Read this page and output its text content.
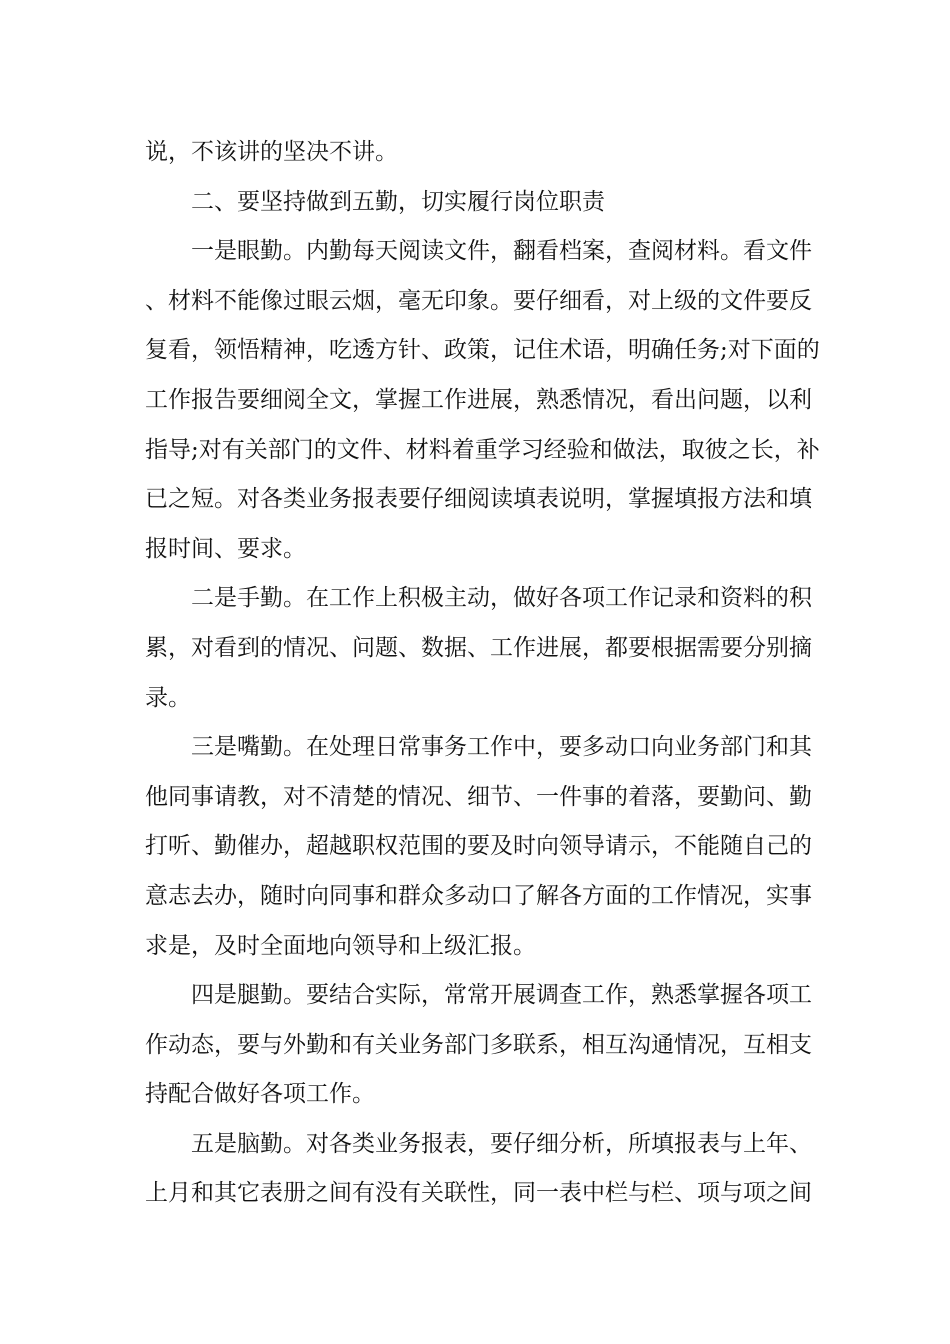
说，不该讲的坚决不讲。

二、要坚持做到五勤，切实履行岗位职责

一是眼勤。内勤每天阅读文件，翻看档案，查阅材料。看文件、材料不能像过眼云烟，毫无印象。要仔细看，对上级的文件要反复看，领悟精神，吃透方针、政策，记住术语，明确任务;对下面的工作报告要细阅全文，掌握工作进展，熟悉情况，看出问题，以利指导;对有关部门的文件、材料着重学习经验和做法，取彼之长，补已之短。对各类业务报表要仔细阅读填表说明，掌握填报方法和填报时间、要求。

二是手勤。在工作上积极主动，做好各项工作记录和资料的积累，对看到的情况、问题、数据、工作进展，都要根据需要分别摘录。

三是嘴勤。在处理日常事务工作中，要多动口向业务部门和其他同事请教，对不清楚的情况、细节、一件事的着落，要勤问、勤打听、勤催办，超越职权范围的要及时向领导请示，不能随自己的意志去办，随时向同事和群众多动口了解各方面的工作情况，实事求是，及时全面地向领导和上级汇报。

四是腿勤。要结合实际，常常开展调查工作，熟悉掌握各项工作动态，要与外勤和有关业务部门多联系，相互沟通情况，互相支持配合做好各项工作。

五是脑勤。对各类业务报表，要仔细分析，所填报表与上年、上月和其它表册之间有没有关联性，同一表中栏与栏、项与项之间
